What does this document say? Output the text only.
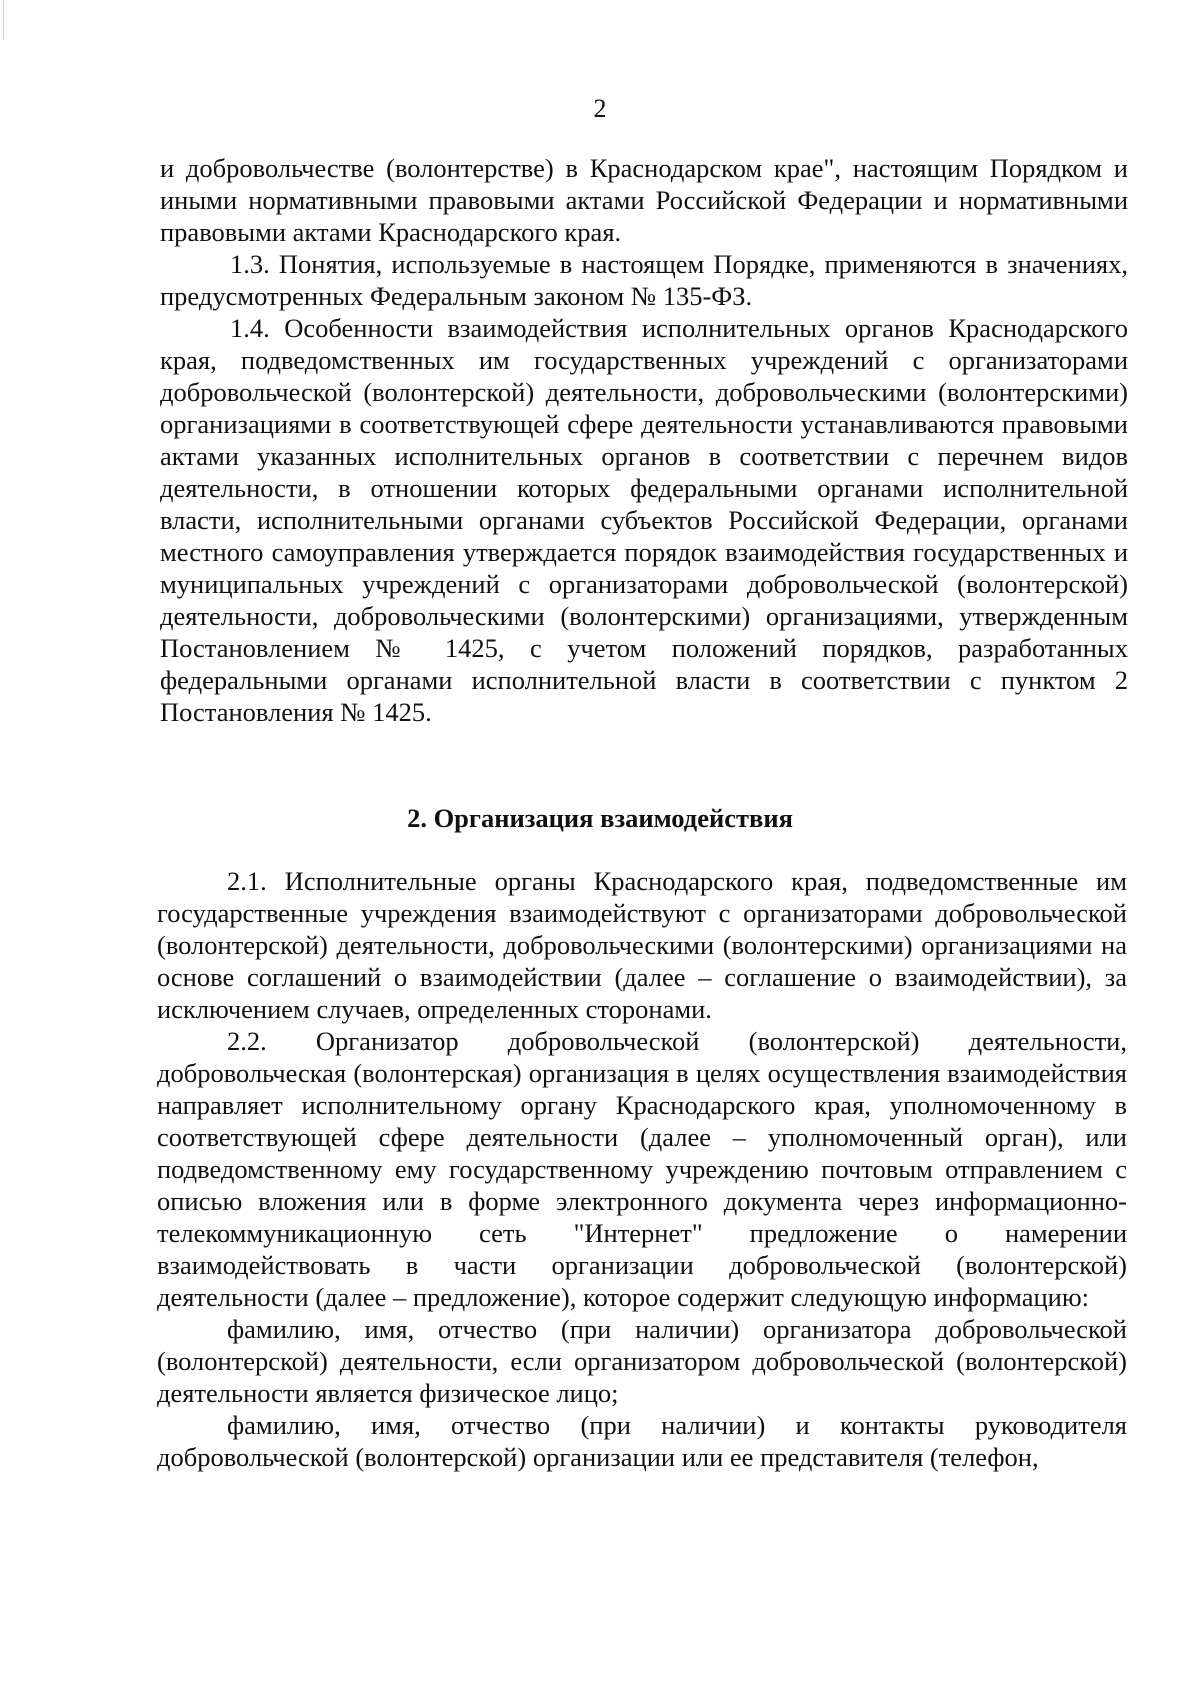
2

и добровольчестве (волонтерстве) в Краснодарском крае", настоящим Порядком и иными нормативными правовыми актами Российской Федерации и нормативными правовыми актами Краснодарского края.

1.3. Понятия, используемые в настоящем Порядке, применяются в значениях, предусмотренных Федеральным законом № 135-ФЗ.

1.4. Особенности взаимодействия исполнительных органов Краснодарского края, подведомственных им государственных учреждений с организаторами добровольческой (волонтерской) деятельности, добровольческими (волонтерскими) организациями в соответствующей сфере деятельности устанавливаются правовыми актами указанных исполнительных органов в соответствии с перечнем видов деятельности, в отношении которых федеральными органами исполнительной власти, исполнительными органами субъектов Российской Федерации, органами местного самоуправления утверждается порядок взаимодействия государственных и муниципальных учреждений с организаторами добровольческой (волонтерской) деятельности, добровольческими (волонтерскими) организациями, утвержденным Постановлением № 1425, с учетом положений порядков, разработанных федеральными органами исполнительной власти в соответствии с пунктом 2 Постановления № 1425.

2. Организация взаимодействия

2.1. Исполнительные органы Краснодарского края, подведомственные им государственные учреждения взаимодействуют с организаторами добровольческой (волонтерской) деятельности, добровольческими (волонтерскими) организациями на основе соглашений о взаимодействии (далее – соглашение о взаимодействии), за исключением случаев, определенных сторонами.

2.2. Организатор добровольческой (волонтерской) деятельности, добровольческая (волонтерская) организация в целях осуществления взаимодействия направляет исполнительному органу Краснодарского края, уполномоченному в соответствующей сфере деятельности (далее – уполномоченный орган), или подведомственному ему государственному учреждению почтовым отправлением с описью вложения или в форме электронного документа через информационно-телекоммуникационную сеть "Интернет" предложение о намерении взаимодействовать в части организации добровольческой (волонтерской) деятельности (далее – предложение), которое содержит следующую информацию:

фамилию, имя, отчество (при наличии) организатора добровольческой (волонтерской) деятельности, если организатором добровольческой (волонтерской) деятельности является физическое лицо;

фамилию, имя, отчество (при наличии) и контакты руководителя добровольческой (волонтерской) организации или ее представителя (телефон,
